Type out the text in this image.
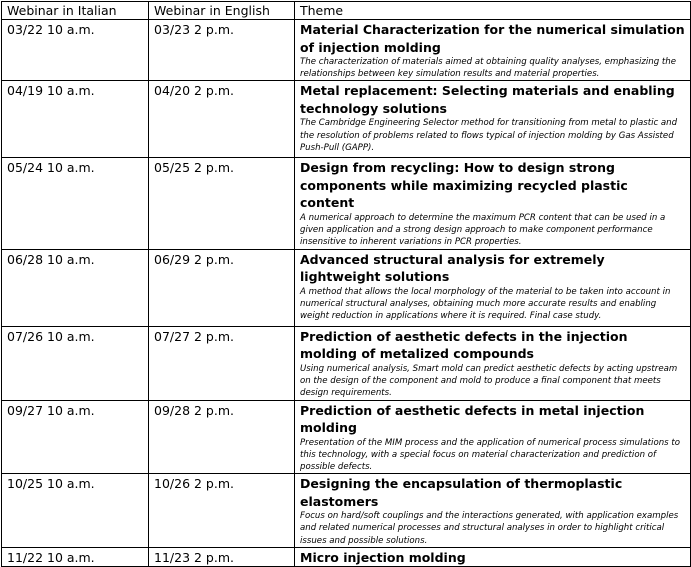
Webinar in Italian	Webinar in English	Theme
03/22 10 a.m.	03/23 2 p.m.	Material Characterization for the numerical simulation of injection molding
The characterization of materials aimed at obtaining quality analyses, emphasizing the relationships between key simulation results and material properties.

04/19 10 a.m.	04/20 2 p.m.	Metal replacement: Selecting materials and enabling technology solutions
The Cambridge Engineering Selector method for transitioning from metal to plastic and the resolution of problems related to flows typical of injection molding by Gas Assisted Push-Pull (GAPP).

05/24 10 a.m.	05/25 2 p.m.	Design from recycling: How to design strong components while maximizing recycled plastic content
A numerical approach to determine the maximum PCR content that can be used in a given application and a strong design approach to make component performance insensitive to inherent variations in PCR properties.

06/28 10 a.m.	06/29 2 p.m.	Advanced structural analysis for extremely lightweight solutions
A method that allows the local morphology of the material to be taken into account in numerical structural analyses, obtaining much more accurate results and enabling weight reduction in applications where it is required. Final case study.

07/26 10 a.m.	07/27 2 p.m.	Prediction of aesthetic defects in the injection molding of metalized compounds
Using numerical analysis, Smart mold can predict aesthetic defects by acting upstream on the design of the component and mold to produce a final component that meets design requirements.

09/27 10 a.m.	09/28 2 p.m.	Prediction of aesthetic defects in metal injection molding
Presentation of the MIM process and the application of numerical process simulations to this technology, with a special focus on material characterization and prediction of possible defects.

10/25 10 a.m.	10/26 2 p.m.	Designing the encapsulation of thermoplastic elastomers
Focus on hard/soft couplings and the interactions generated, with application examples and related numerical processes and structural analyses in order to highlight critical issues and possible solutions.

11/22 10 a.m.	11/23 2 p.m.	Micro injection molding
